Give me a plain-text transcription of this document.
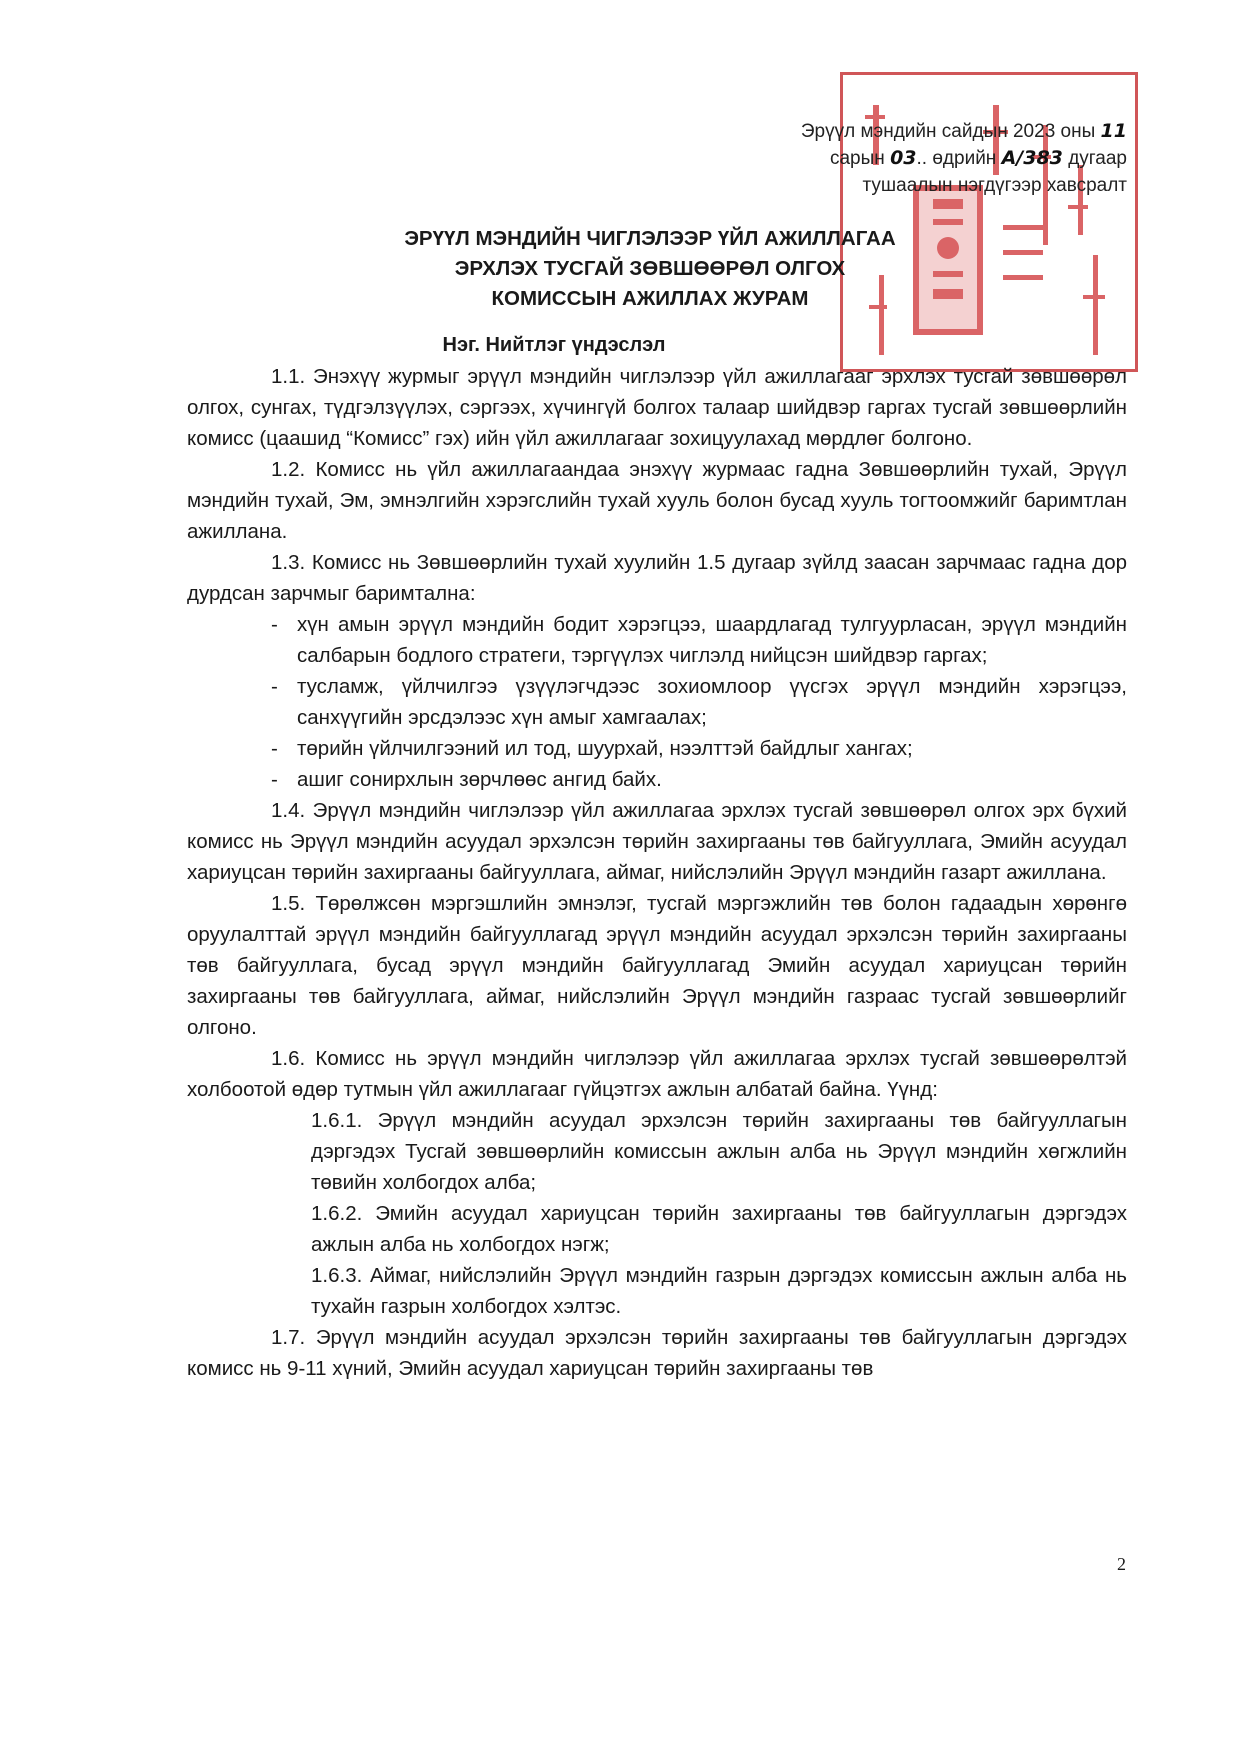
Эрүүл мэндийн сайдын 2023 оны 11
сарын 03.. өдрийн А/383 дугаар
тушаалын нэгдүгээр хавсралт
ЭРҮҮЛ МЭНДИЙН ЧИГЛЭЛЭЭР ҮЙЛ АЖИЛЛАГАА
ЭРХЛЭХ ТУСГАЙ ЗӨВШӨӨРӨЛ ОЛГОХ
КОМИССЫН АЖИЛЛАХ ЖУРАМ
Нэг. Нийтлэг үндэслэл

1.1. Энэхүү журмыг эрүүл мэндийн чиглэлээр үйл ажиллагааг эрхлэх тусгай зөвшөөрөл олгох, сунгах, түдгэлзүүлэх, сэргээх, хүчингүй болгох талаар шийдвэр гаргах тусгай зөвшөөрлийн комисс (цаашид “Комисс” гэх) ийн үйл ажиллагааг зохицуулахад мөрдлөг болгоно.

1.2. Комисс нь үйл ажиллагаандаа энэхүү журмаас гадна Зөвшөөрлийн тухай, Эрүүл мэндийн тухай, Эм, эмнэлгийн хэрэгслийн тухай хууль болон бусад хууль тогтоомжийг баримтлан ажиллана.

1.3. Комисс нь Зөвшөөрлийн тухай хуулийн 1.5 дугаар зүйлд заасан зарчмаас гадна дор дурдсан зарчмыг баримтална:

- хүн амын эрүүл мэндийн бодит хэрэгцээ, шаардлагад тулгуурласан, эрүүл мэндийн салбарын бодлого стратеги, тэргүүлэх чиглэлд нийцсэн шийдвэр гаргах;
- тусламж, үйлчилгээ үзүүлэгчдээс зохиомлоор үүсгэх эрүүл мэндийн хэрэгцээ, санхүүгийн эрсдэлээс хүн амыг хамгаалах;
- төрийн үйлчилгээний ил тод, шуурхай, нээлттэй байдлыг хангах;
- ашиг сонирхлын зөрчлөөс ангид байх.

1.4. Эрүүл мэндийн чиглэлээр үйл ажиллагаа эрхлэх тусгай зөвшөөрөл олгох эрх бүхий комисс нь Эрүүл мэндийн асуудал эрхэлсэн төрийн захиргааны төв байгууллага, Эмийн асуудал хариуцсан төрийн захиргааны байгууллага, аймаг, нийслэлийн Эрүүл мэндийн газарт ажиллана.

1.5. Төрөлжсөн мэргэшлийн эмнэлэг, тусгай мэргэжлийн төв болон гадаадын хөрөнгө оруулалттай эрүүл мэндийн байгууллагад эрүүл мэндийн асуудал эрхэлсэн төрийн захиргааны төв байгууллага, бусад эрүүл мэндийн байгууллагад Эмийн асуудал хариуцсан төрийн захиргааны төв байгууллага, аймаг, нийслэлийн Эрүүл мэндийн газраас тусгай зөвшөөрлийг олгоно.

1.6. Комисс нь эрүүл мэндийн чиглэлээр үйл ажиллагаа эрхлэх тусгай зөвшөөрөлтэй холбоотой өдөр тутмын үйл ажиллагааг гүйцэтгэх ажлын албатай байна. Үүнд:

1.6.1. Эрүүл мэндийн асуудал эрхэлсэн төрийн захиргааны төв байгууллагын дэргэдэх Тусгай зөвшөөрлийн комиссын ажлын алба нь Эрүүл мэндийн хөгжлийн төвийн холбогдох алба;

1.6.2. Эмийн асуудал хариуцсан төрийн захиргааны төв байгууллагын дэргэдэх ажлын алба нь холбогдох нэгж;

1.6.3. Аймаг, нийслэлийн Эрүүл мэндийн газрын дэргэдэх комиссын ажлын алба нь тухайн газрын холбогдох хэлтэс.

1.7. Эрүүл мэндийн асуудал эрхэлсэн төрийн захиргааны төв байгууллагын дэргэдэх комисс нь 9-11 хүний, Эмийн асуудал хариуцсан төрийн захиргааны төв

2
